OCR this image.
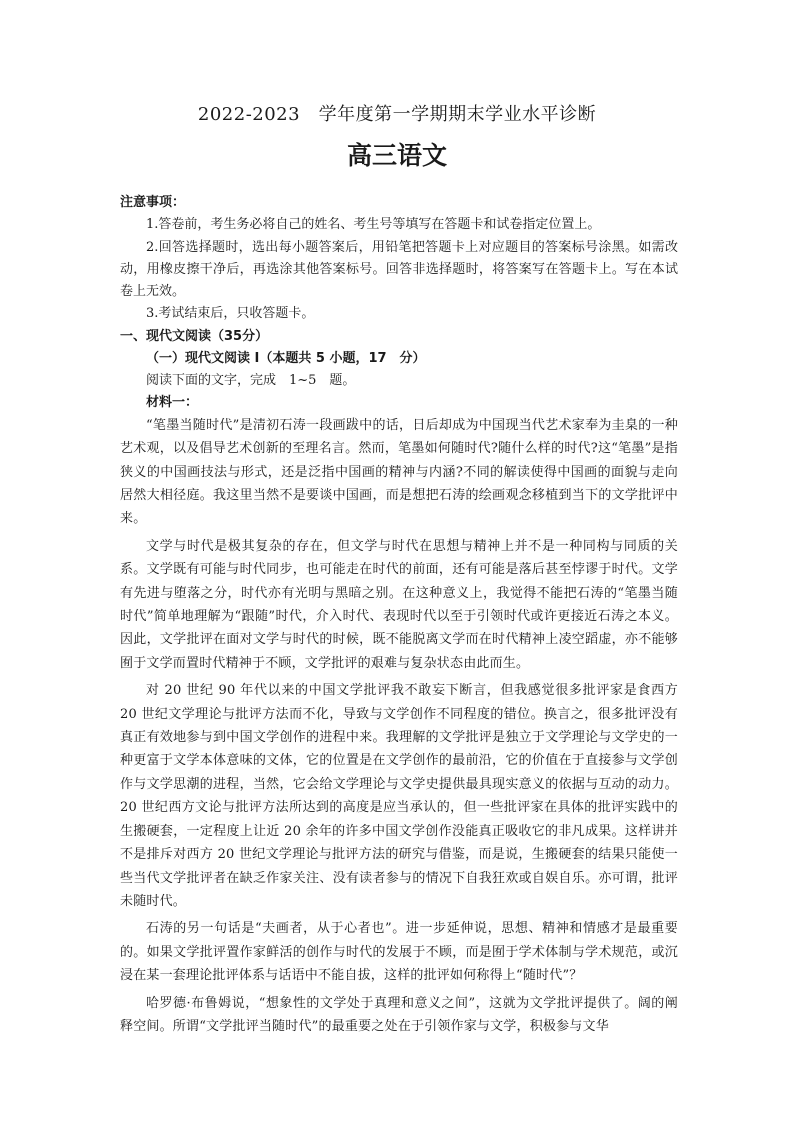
2022-2023　学年度第一学期期末学业水平诊断

高三语文

注意事项：

1.答卷前，考生务必将自己的姓名、考生号等填写在答题卡和试卷指定位置上。

2.回答选择题时，选出每小题答案后，用铅笔把答题卡上对应题目的答案标号涂黑。如需改动，用橡皮擦干净后，再选涂其他答案标号。回答非选择题时，将答案写在答题卡上。写在本试卷上无效。

3.考试结束后，只收答题卡。

一、现代文阅读（35分）

（一）现代文阅读 I（本题共 5 小题，17　分）

阅读下面的文字，完成　1~5　题。

材料一：

“笔墨当随时代”是清初石涛一段画跋中的话，日后却成为中国现当代艺术家奉为圭臬的一种艺术观，以及倡导艺术创新的至理名言。然而，笔墨如何随时代?随什么样的时代?这“笔墨”是指狭义的中国画技法与形式，还是泛指中国画的精神与内涵?不同的解读使得中国画的面貌与走向居然大相径庭。我这里当然不是要谈中国画，而是想把石涛的绘画观念移植到当下的文学批评中来。

文学与时代是极其复杂的存在，但文学与时代在思想与精神上并不是一种同构与同质的关系。文学既有可能与时代同步，也可能走在时代的前面，还有可能是落后甚至悖谬于时代。文学有先进与堕落之分，时代亦有光明与黑暗之别。在这种意义上，我觉得不能把石涛的“笔墨当随时代”简单地理解为“跟随”时代，介入时代、表现时代以至于引领时代或许更接近石涛之本义。因此，文学批评在面对文学与时代的时候，既不能脱离文学而在时代精神上凌空蹈虚，亦不能够囿于文学而置时代精神于不顾，文学批评的艰难与复杂状态由此而生。

对 20 世纪 90 年代以来的中国文学批评我不敢妄下断言，但我感觉很多批评家是食西方 20 世纪文学理论与批评方法而不化，导致与文学创作不同程度的错位。换言之，很多批评没有真正有效地参与到中国文学创作的进程中来。我理解的文学批评是独立于文学理论与文学史的一种更富于文学本体意味的文体，它的位置是在文学创作的最前沿，它的价值在于直接参与文学创作与文学思潮的进程，当然，它会给文学理论与文学史提供最具现实意义的依据与互动的动力。20 世纪西方文论与批评方法所达到的高度是应当承认的，但一些批评家在具体的批评实践中的生搬硬套，一定程度上让近 20 余年的许多中国文学创作没能真正吸收它的非凡成果。这样讲并不是排斥对西方 20 世纪文学理论与批评方法的研究与借鉴，而是说，生搬硬套的结果只能使一些当代文学批评者在缺乏作家关注、没有读者参与的情况下自我狂欢或自娱自乐。亦可谓，批评未随时代。

石涛的另一句话是“夫画者，从于心者也”。进一步延伸说，思想、精神和情感才是最重要的。如果文学批评置作家鲜活的创作与时代的发展于不顾，而是囿于学术体制与学术规范，或沉浸在某一套理论批评体系与话语中不能自拔，这样的批评如何称得上“随时代”？

哈罗德·布鲁姆说，“想象性的文学处于真理和意义之间”，这就为文学批评提供了。阔的阐释空间。所谓“文学批评当随时代”的最重要之处在于引领作家与文学，积极参与文华
